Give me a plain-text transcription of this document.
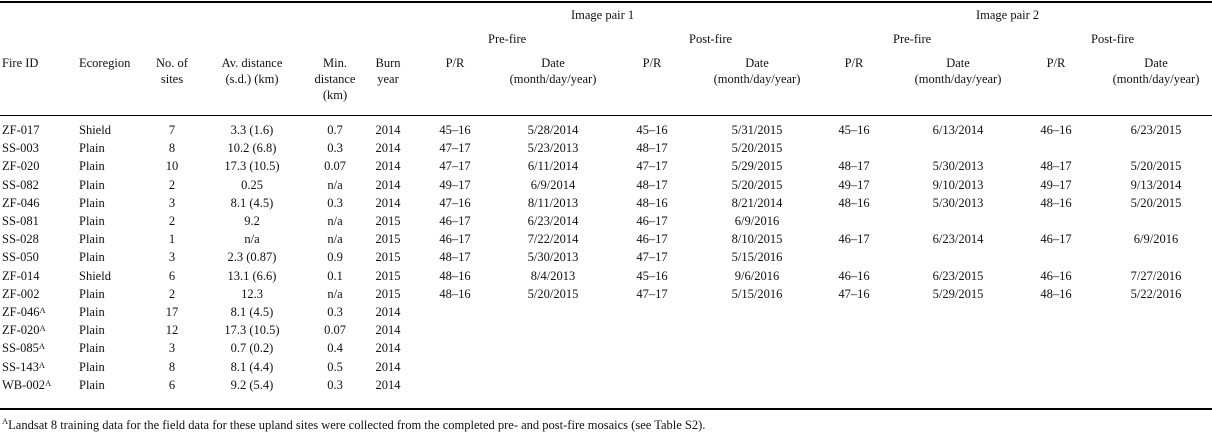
Image pair 1	Image pair 2
Pre-fire	Post-fire	Pre-fire	Post-fire
Fire ID	Ecoregion	No. of
sites
Av. distance
(s.d.) (km)
Min.
distance
(km)
Burn
year
P/R	Date
(month/day/year)
P/R	Date
(month/day/year)
P/R	Date
(month/day/year)
P/R	Date
(month/day/year)
ZF-017	Shield	7	3.3 (1.6)	0.7	2014	45–16	5/28/2014	45–16	5/31/2015	45–16	6/13/2014	46–16	6/23/2015
SS-003	Plain	8	10.2 (6.8)	0.3	2014	47–17	5/23/2013	48–17	5/20/2015
ZF-020	Plain	10	17.3 (10.5)	0.07	2014	47–17	6/11/2014	47–17	5/29/2015	48–17	5/30/2013	48–17	5/20/2015
SS-082	Plain	2	0.25	n/a	2014	49–17	6/9/2014	48–17	5/20/2015	49–17	9/10/2013	49–17	9/13/2014
ZF-046	Plain	3	8.1 (4.5)	0.3	2014	47–16	8/11/2013	48–16	8/21/2014	48–16	5/30/2013	48–16	5/20/2015
SS-081	Plain	2	9.2	n/a	2015	46–17	6/23/2014	46–17	6/9/2016
SS-028	Plain	1	n/a	n/a	2015	46–17	7/22/2014	46–17	8/10/2015	46–17	6/23/2014	46–17	6/9/2016
SS-050	Plain	3	2.3 (0.87)	0.9	2015	48–17	5/30/2013	47–17	5/15/2016
ZF-014	Shield	6	13.1 (6.6)	0.1	2015	48–16	8/4/2013	45–16	9/6/2016	46–16	6/23/2015	46–16	7/27/2016
ZF-002	Plain	2	12.3	n/a	2015	48–16	5/20/2015	47–17	5/15/2016	47–16	5/29/2015	48–16	5/22/2016
$ZF-046^A$	Plain	17	8.1 (4.5)	0.3	2014
$ZF-020^A$	Plain	12	17.3 (10.5)	0.07	2014
$SS-085^A$	Plain	3	0.7 (0.2)	0.4	2014
$SS-143^A$	Plain	8	8.1 (4.4)	0.5	2014
$WB-002^A$	Plain	6	9.2 (5.4)	0.3	2014
$^A$Landsat 8 training data for the field data for these upland sites were collected from the completed pre- and post-fire mosaics (see Table S2).
